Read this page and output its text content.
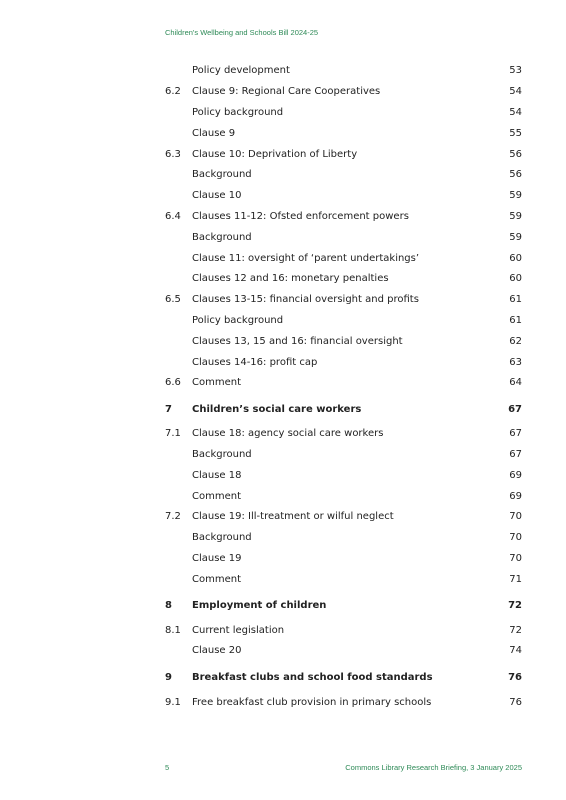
Children's Wellbeing and Schools Bill 2024-25
Policy development	53
6.2 Clause 9: Regional Care Cooperatives	54
Policy background	54
Clause 9	55
6.3 Clause 10: Deprivation of Liberty	56
Background	56
Clause 10	59
6.4 Clauses 11-12: Ofsted enforcement powers	59
Background	59
Clause 11: oversight of ‘parent undertakings’	60
Clauses 12 and 16: monetary penalties	60
6.5 Clauses 13-15: financial oversight and profits	61
Policy background	61
Clauses 13, 15 and 16: financial oversight	62
Clauses 14-16: profit cap	63
6.6 Comment	64
7 Children’s social care workers	67
7.1 Clause 18: agency social care workers	67
Background	67
Clause 18	69
Comment	69
7.2 Clause 19: Ill-treatment or wilful neglect	70
Background	70
Clause 19	70
Comment	71
8 Employment of children	72
8.1 Current legislation	72
Clause 20	74
9 Breakfast clubs and school food standards	76
9.1 Free breakfast club provision in primary schools	76
5	Commons Library Research Briefing, 3 January 2025
